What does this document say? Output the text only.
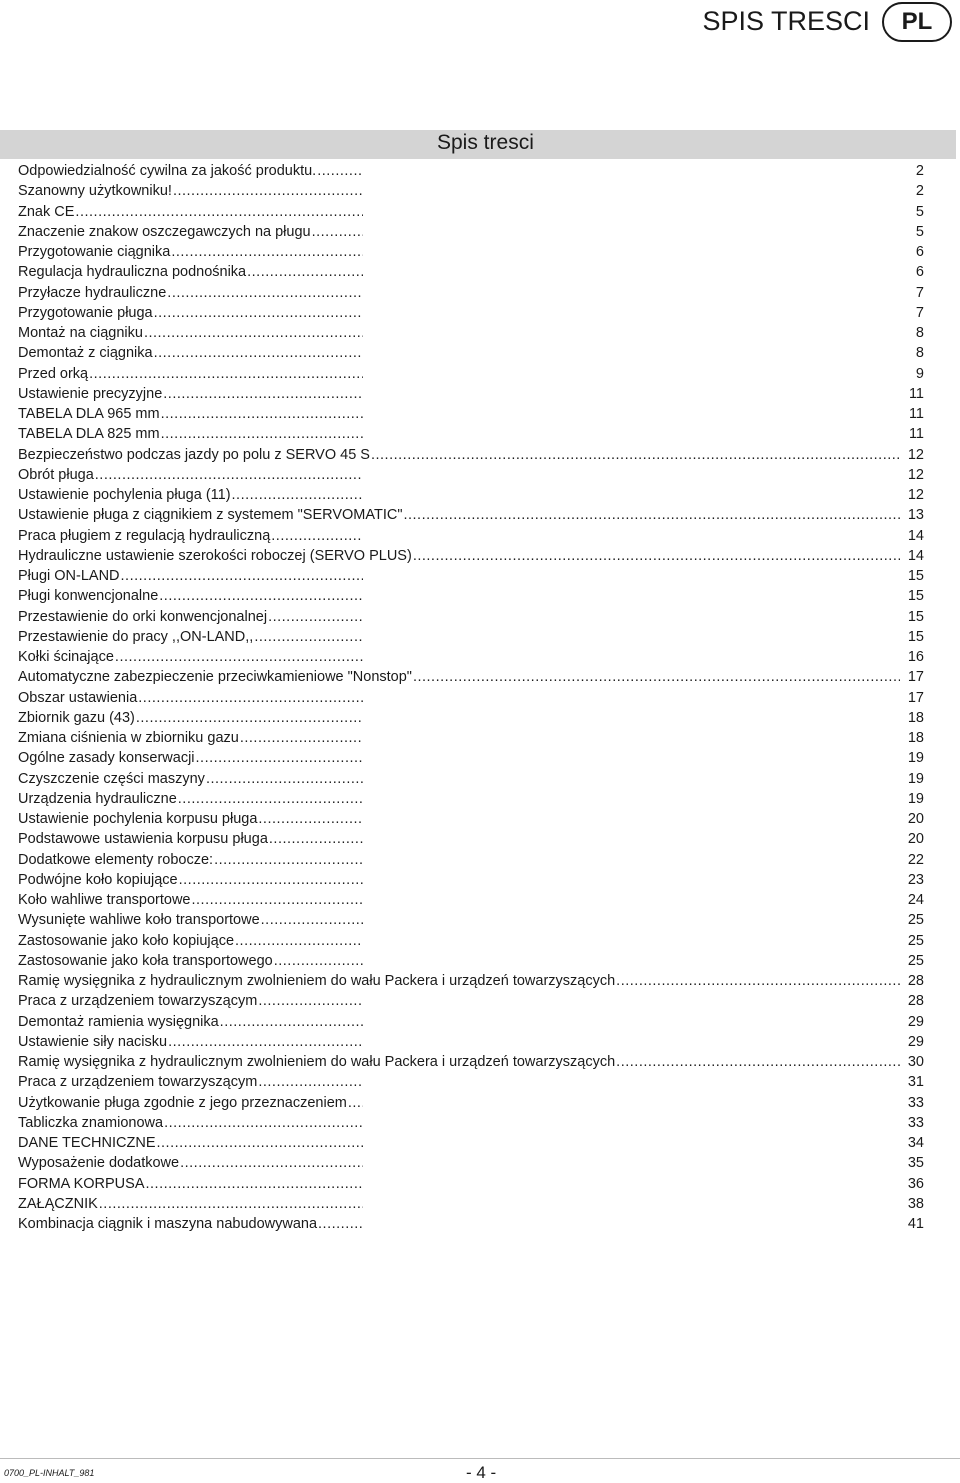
SPIS TRESCI	PL
Spis tresci
Odpowiedzialność cywilna za jakość produktu. .....	2
Szanowny użytkowniku! .....	2
Znak CE .....	5
Znaczenie znakow oszczegawczych na pługu .....	5
Przygotowanie ciągnika .....	6
Regulacja hydrauliczna podnośnika .....	6
Przyłacze hydrauliczne .....	7
Przygotowanie pługa .....	7
Montaż na ciągniku .....	8
Demontaż z ciągnika .....	8
Przed orką .....	9
Ustawienie precyzyjne .....	11
TABELA DLA 965 mm .....	11
TABELA DLA 825 mm .....	11
Bezpieczeństwo podczas jazdy po polu z SERVO 45 S .....	12
Obrót pługa .....	12
Ustawienie pochylenia pługa (11) .....	12
Ustawienie pługa z ciągnikiem z systemem "SERVOMATIC" .....	13
Praca pługiem z regulacją hydrauliczną .....	14
Hydrauliczne ustawienie szerokości roboczej (SERVO PLUS) .....	14
Pługi ON-LAND .....	15
Pługi konwencjonalne .....	15
Przestawienie do orki konwencjonalnej .....	15
Przestawienie do pracy ,,ON-LAND,, .....	15
Kołki ścinające .....	16
Automatyczne zabezpieczenie przeciwkamieniowe "Nonstop" .....	17
Obszar ustawienia .....	17
Zbiornik gazu (43) .....	18
Zmiana ciśnienia w zbiorniku gazu .....	18
Ogólne zasady konserwacji .....	19
Czyszczenie części maszyny .....	19
Urządzenia hydrauliczne .....	19
Ustawienie pochylenia korpusu pługa .....	20
Podstawowe ustawienia korpusu pługa .....	20
Dodatkowe elementy robocze: .....	22
Podwójne koło kopiujące .....	23
Koło wahliwe transportowe .....	24
Wysunięte wahliwe koło transportowe .....	25
Zastosowanie jako koło kopiujące .....	25
Zastosowanie jako koła transportowego .....	25
Ramię wysięgnika z hydraulicznym zwolnieniem do wału Packera i urządzeń towarzyszących .....	28
Praca z urządzeniem towarzyszącym .....	28
Demontaż ramienia wysięgnika .....	29
Ustawienie siły nacisku .....	29
Ramię wysięgnika z hydraulicznym zwolnieniem do wału Packera i urządzeń towarzyszących .....	30
Praca z urządzeniem towarzyszącym .....	31
Użytkowanie pługa zgodnie z jego przeznaczeniem .....	33
Tabliczka znamionowa .....	33
DANE TECHNICZNE .....	34
Wyposażenie dodatkowe .....	35
FORMA KORPUSA .....	36
ZAŁĄCZNIK .....	38
Kombinacja ciągnik i maszyna nabudowywana .....	41
0700_PL-INHALT_981	- 4 -
